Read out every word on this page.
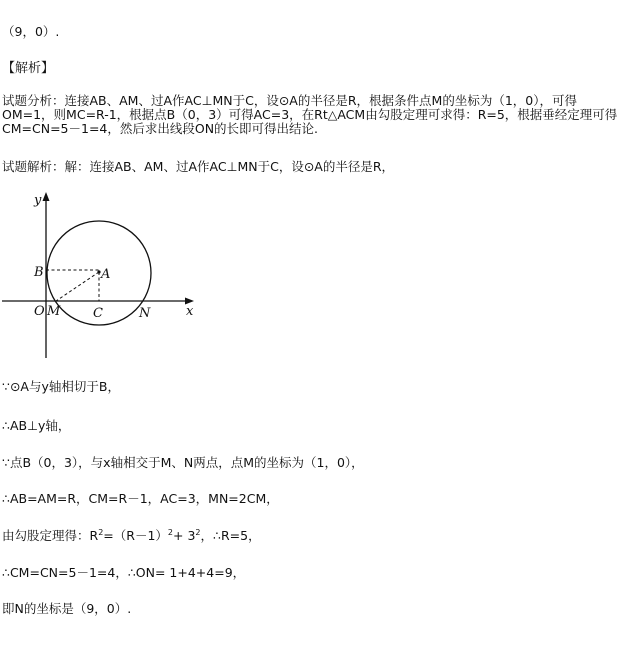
（9，0）.
【解析】
试题分析：连接AB、AM、过A作AC⊥MN于C，设⊙A的半径是R，根据条件点M的坐标为（1，0），可得
OM=1，则MC=R-1，根据点B（0，3）可得AC=3，在Rt△ACM由勾股定理可求得：R=5，根据垂经定理可得
CM=CN=5－1=4，然后求出线段ON的长即可得出结论.
试题解析：解：连接AB、AM、过A作AC⊥MN于C，设⊙A的半径是R，
y
x
O M	C	N
B	A
∵⊙A与y轴相切于B，
∴AB⊥y轴，
∵点B（0，3），与x轴相交于M、N两点，点M的坐标为（1，0），
∴AB=AM=R，CM=R－1，AC=3，MN=2CM，
由勾股定理得：$R^2=(R-1)^2+ 3^2$，∴R=5，
∴CM=CN=5－1=4，∴ON= 1+4+4=9，
即N的坐标是（9，0）.
